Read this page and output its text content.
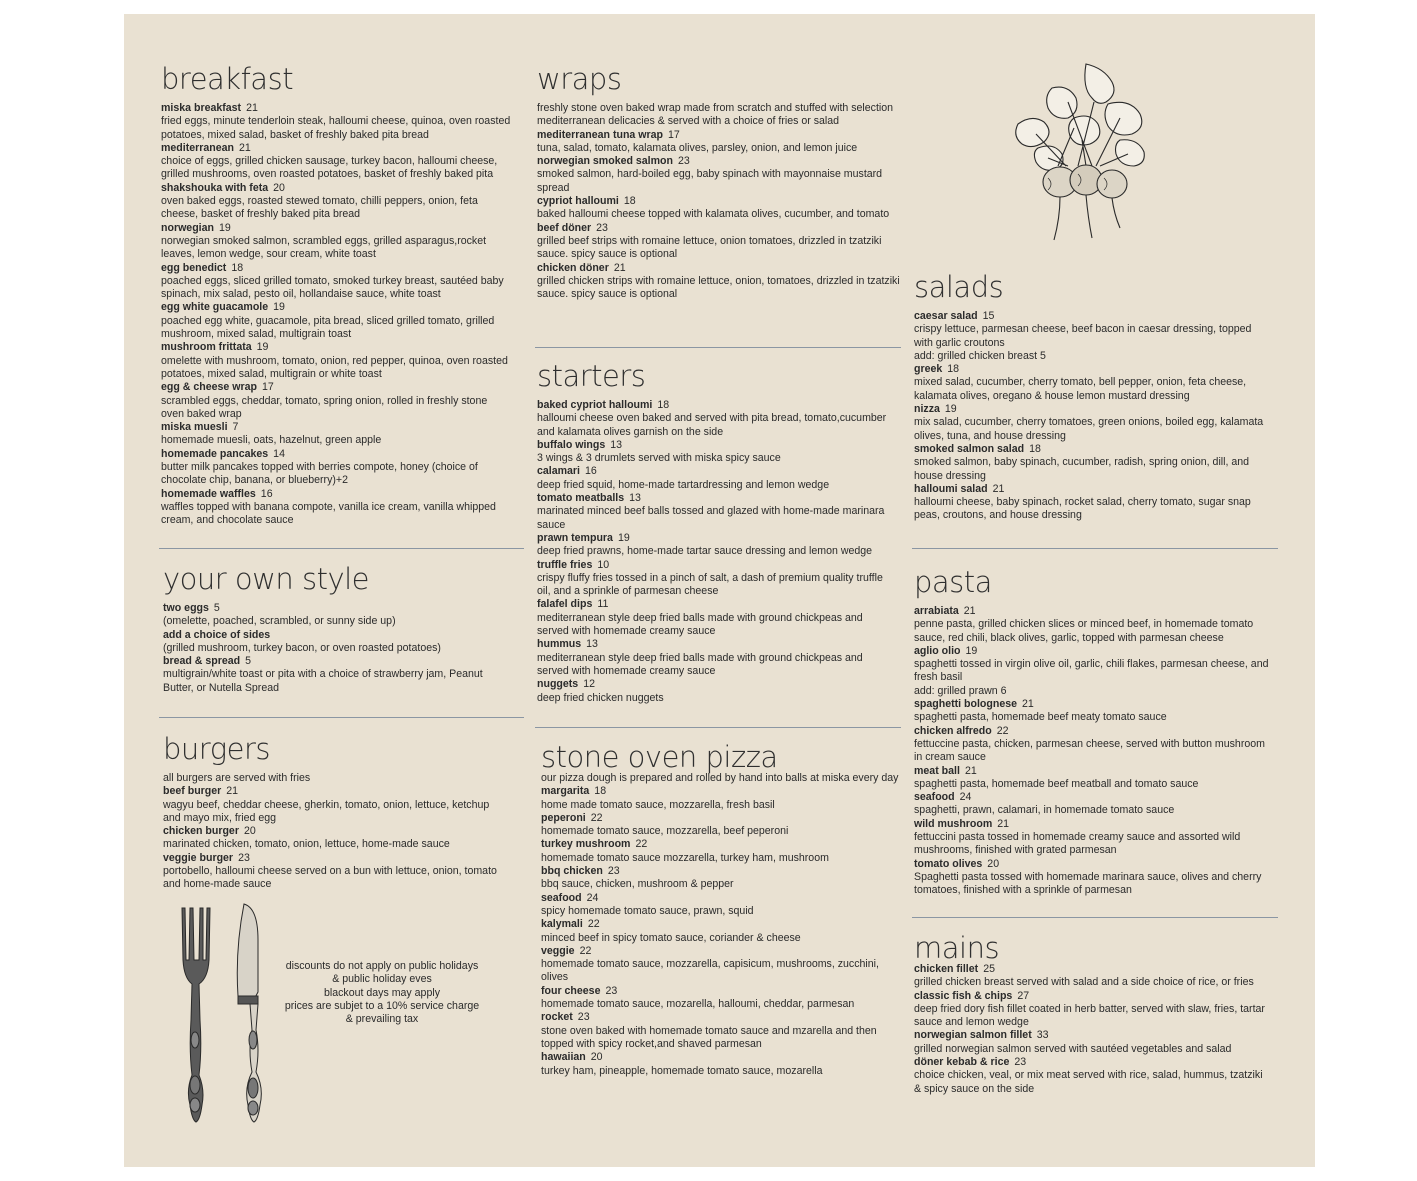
breakfast
miska breakfast 21
fried eggs, minute tenderloin steak, halloumi cheese, quinoa, oven roasted potatoes, mixed salad, basket of freshly baked pita bread
mediterranean 21
choice of eggs, grilled chicken sausage, turkey bacon, halloumi cheese, grilled mushrooms, oven roasted potatoes, basket of freshly baked pita
shakshouka with feta 20
oven baked eggs, roasted stewed tomato, chilli peppers, onion, feta cheese, basket of freshly baked pita bread
norwegian 19
norwegian smoked salmon, scrambled eggs, grilled asparagus,rocket leaves, lemon wedge, sour cream, white toast
egg benedict 18
poached eggs, sliced grilled tomato, smoked turkey breast, sautéed baby spinach, mix salad, pesto oil, hollandaise sauce, white toast
egg white guacamole 19
poached egg white, guacamole, pita bread, sliced grilled tomato, grilled mushroom, mixed salad, multigrain toast
mushroom frittata 19
omelette with mushroom, tomato, onion, red pepper, quinoa, oven roasted potatoes, mixed salad, multigrain or white toast
egg & cheese wrap 17
scrambled eggs, cheddar, tomato, spring onion, rolled in freshly stone oven baked wrap
miska muesli 7
homemade muesli, oats, hazelnut, green apple
homemade pancakes 14
butter milk pancakes topped with berries compote, honey (choice of chocolate chip, banana, or blueberry)+2
homemade waffles 16
waffles topped with banana compote, vanilla ice cream, vanilla whipped cream, and chocolate sauce
your own style
two eggs 5
(omelette, poached, scrambled, or sunny side up)
add a choice of sides
(grilled mushroom, turkey bacon, or oven roasted potatoes)
bread & spread 5
multigrain/white toast or pita with a choice of strawberry jam, Peanut Butter, or Nutella Spread
burgers
all burgers are served with fries
beef burger 21
wagyu beef, cheddar cheese, gherkin, tomato, onion, lettuce, ketchup and mayo mix, fried egg
chicken burger 20
marinated chicken, tomato, onion, lettuce, home-made sauce
veggie burger 23
portobello, halloumi cheese served on a bun with lettuce, onion, tomato and home-made sauce
discounts do not apply on public holidays
& public holiday eves
blackout days may apply
prices are subjet to a 10% service charge
& prevailing tax
wraps
freshly stone oven baked wrap made from scratch and stuffed with selection mediterranean delicacies & served with a choice of fries or salad
mediterranean tuna wrap 17
tuna, salad, tomato, kalamata olives, parsley, onion, and lemon juice
norwegian smoked salmon 23
smoked salmon, hard-boiled egg, baby spinach with mayonnaise mustard spread
cypriot halloumi 18
baked halloumi cheese topped with kalamata olives, cucumber, and tomato
beef döner 23
grilled beef strips with romaine lettuce, onion tomatoes, drizzled in tzatziki sauce. spicy sauce is optional
chicken döner 21
grilled chicken strips with romaine lettuce, onion, tomatoes, drizzled in tzatziki sauce. spicy sauce is optional
starters
baked cypriot halloumi 18
halloumi cheese oven baked and served with pita bread, tomato,cucumber and kalamata olives garnish on the side
buffalo wings 13
3 wings & 3 drumlets served with miska spicy sauce
calamari 16
deep fried squid, home-made tartardressing and lemon wedge
tomato meatballs 13
marinated minced beef balls tossed and glazed with home-made marinara sauce
prawn tempura 19
deep fried prawns, home-made tartar sauce dressing and lemon wedge
truffle fries 10
crispy fluffy fries tossed in a pinch of salt, a dash of premium quality truffle oil, and a sprinkle of parmesan cheese
falafel dips 11
mediterranean style deep fried balls made with ground chickpeas and served with homemade creamy sauce
hummus 13
mediterranean style deep fried balls made with ground chickpeas and served with homemade creamy sauce
nuggets 12
deep fried chicken nuggets
stone oven pizza
our pizza dough is prepared and rolled by hand into balls at miska every day
margarita 18
home made tomato sauce, mozzarella, fresh basil
peperoni 22
homemade tomato sauce, mozzarella, beef peperoni
turkey mushroom 22
homemade tomato sauce mozzarella, turkey ham, mushroom
bbq chicken 23
bbq sauce, chicken, mushroom & pepper
seafood 24
spicy homemade tomato sauce, prawn, squid
kalymali 22
minced beef in spicy tomato sauce, coriander & cheese
veggie 22
homemade tomato sauce, mozzarella, capisicum, mushrooms, zucchini, olives
four cheese 23
homemade tomato sauce, mozarella, halloumi, cheddar, parmesan
rocket 23
stone oven baked with homemade tomato sauce and mzarella and then topped with spicy rocket,and shaved parmesan
hawaiian 20
turkey ham, pineapple, homemade tomato sauce, mozarella
salads
caesar salad 15
crispy lettuce, parmesan cheese, beef bacon in caesar dressing, topped with garlic croutons
add: grilled chicken breast 5
greek 18
mixed salad, cucumber, cherry tomato, bell pepper, onion, feta cheese, kalamata olives, oregano & house lemon mustard dressing
nizza 19
mix salad, cucumber, cherry tomatoes, green onions, boiled egg, kalamata olives, tuna, and house dressing
smoked salmon salad 18
smoked salmon, baby spinach, cucumber, radish, spring onion, dill, and house dressing
halloumi salad 21
halloumi cheese, baby spinach, rocket salad, cherry tomato, sugar snap peas, croutons, and house dressing
pasta
arrabiata 21
penne pasta, grilled chicken slices or minced beef, in homemade tomato sauce, red chili, black olives, garlic, topped with parmesan cheese
aglio olio 19
spaghetti tossed in virgin olive oil, garlic, chili flakes, parmesan cheese, and fresh basil
add: grilled prawn 6
spaghetti bolognese 21
spaghetti pasta, homemade beef meaty tomato sauce
chicken alfredo 22
fettuccine pasta, chicken, parmesan cheese, served with button mushroom in cream sauce
meat ball 21
spaghetti pasta, homemade beef meatball and tomato sauce
seafood 24
spaghetti, prawn, calamari, in homemade tomato sauce
wild mushroom 21
fettuccini pasta tossed in homemade creamy sauce and assorted wild mushrooms, finished with grated parmesan
tomato olives 20
Spaghetti pasta tossed with homemade marinara sauce, olives and cherry tomatoes, finished with a sprinkle of parmesan
mains
chicken fillet 25
grilled chicken breast served with salad and a side choice of rice, or fries
classic fish & chips 27
deep fried dory fish fillet coated in herb batter, served with slaw, fries, tartar sauce and lemon wedge
norwegian salmon fillet 33
grilled norwegian salmon served with sautéed vegetables and salad
döner kebab & rice 23
choice chicken, veal, or mix meat served with rice, salad, hummus, tzatziki & spicy sauce on the side
